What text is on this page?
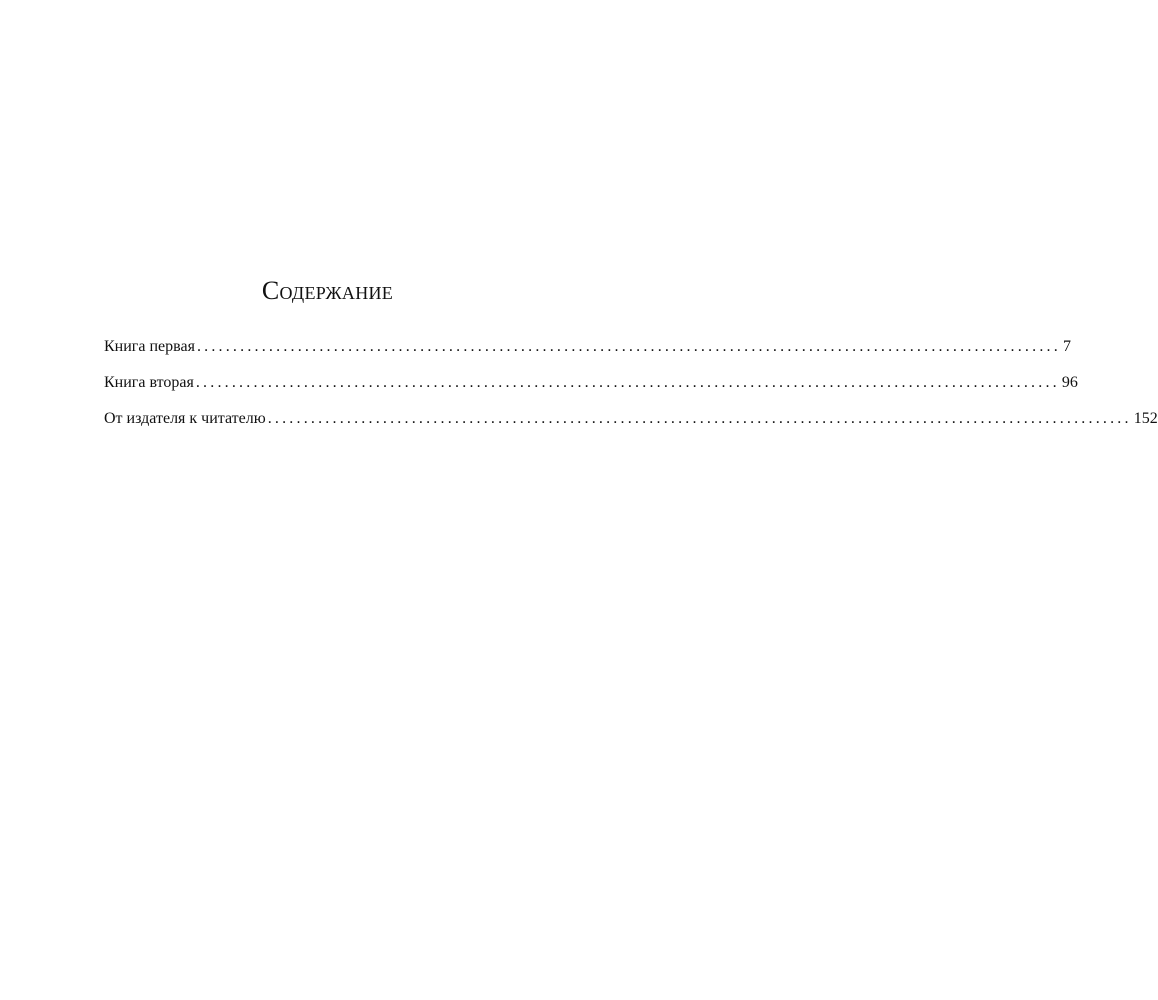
Содержание
Книга первая ........................................................................................................................ 7
Книга вторая ........................................................................................................................ 96
От издателя к читателю ........................................................................................................................ 152
